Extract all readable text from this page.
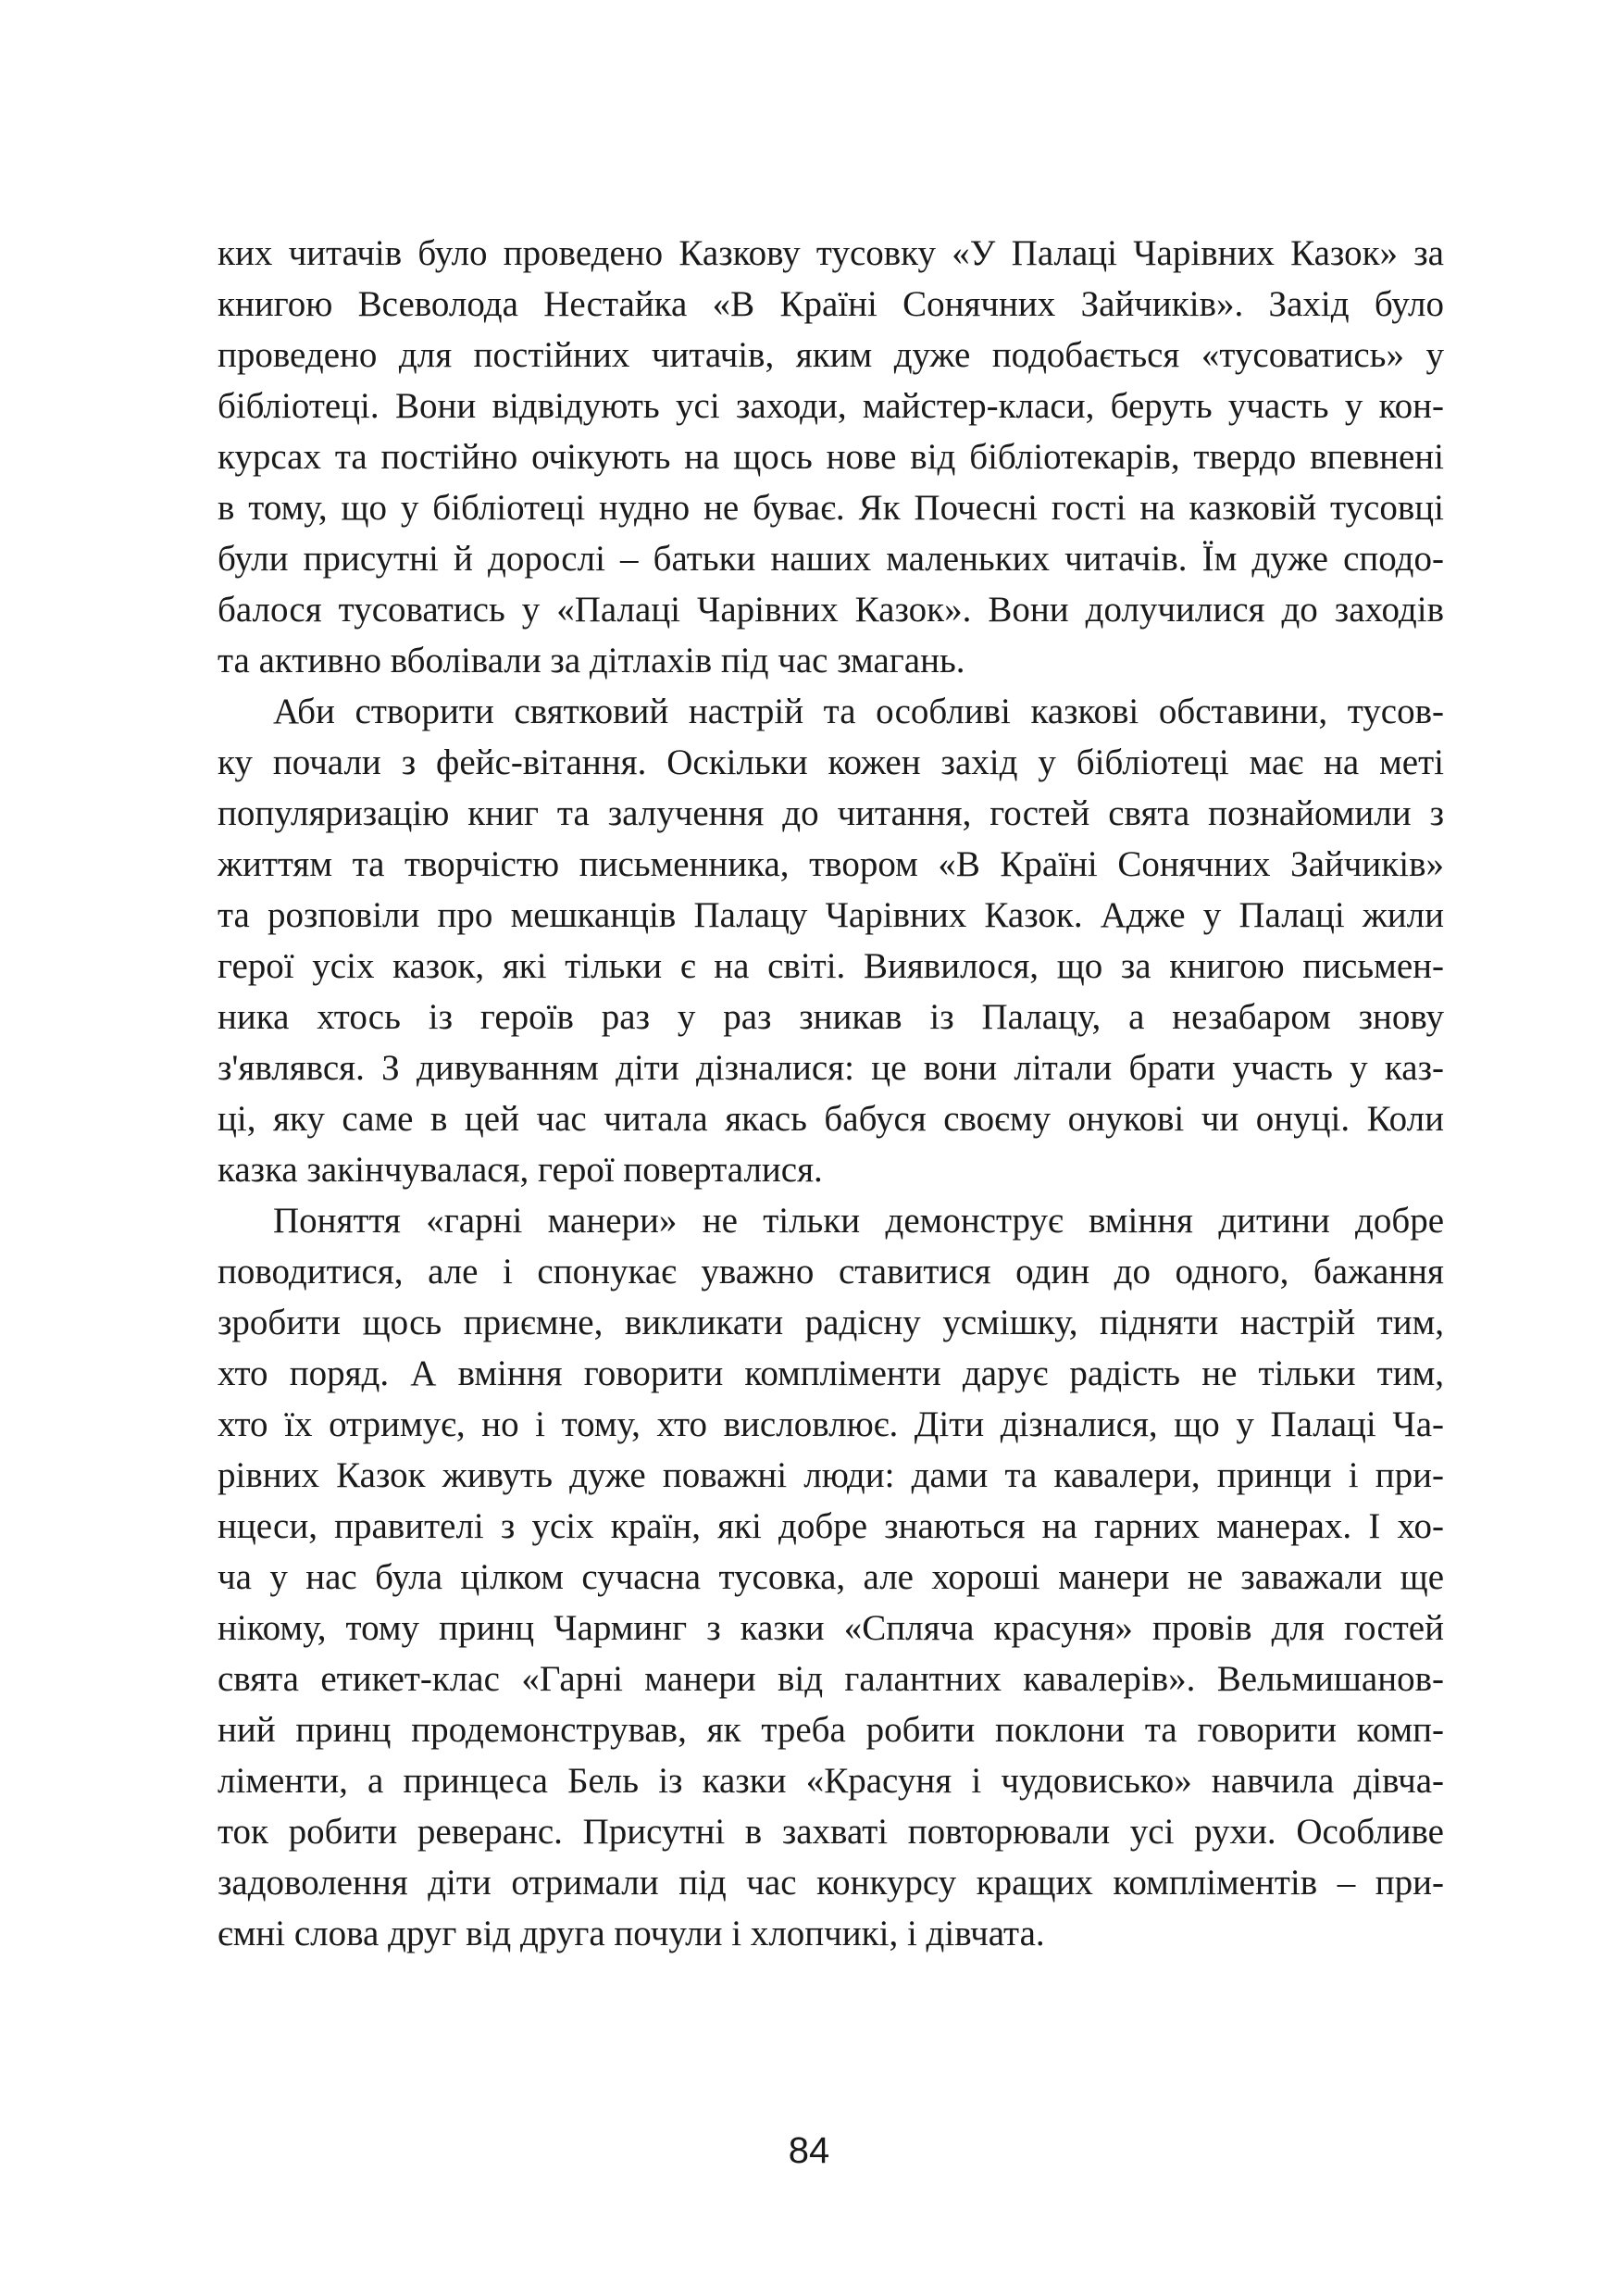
ких читачів було проведено Казкову тусовку «У Палаці Чарівних Казок» за
книгою Всеволода Нестайка «В Країні Сонячних Зайчиків». Захід було
проведено для постійних читачів, яким дуже подобається «тусоватись» у
бібліотеці. Вони відвідують усі заходи, майстер-класи, беруть участь у кон-
курсах та постійно очікують на щось нове від бібліотекарів, твердо впевнені
в тому, що у бібліотеці нудно не буває. Як Почесні гості на казковій тусовці
були присутні й дорослі – батьки наших маленьких читачів. Їм дуже сподо-
балося тусоватись у «Палаці Чарівних Казок». Вони долучилися до заходів
та активно вболівали за дітлахів під час змагань.
Аби створити святковий настрій та особливі казкові обставини, тусов-
ку почали з фейс-вітання. Оскільки кожен захід у бібліотеці має на меті
популяризацію книг та залучення до читання, гостей свята познайомили з
життям та творчістю письменника, твором «В Країні Сонячних Зайчиків»
та розповіли про мешканців Палацу Чарівних Казок. Адже у Палаці жили
герої усіх казок, які тільки є на світі. Виявилося, що за книгою письмен-
ника хтось із героїв раз у раз зникав із Палацу, а незабаром знову
з'являвся. З дивуванням діти дізналися: це вони літали брати участь у каз-
ці, яку саме в цей час читала якась бабуся своєму онукові чи онуці. Коли
казка закінчувалася, герої поверталися.
Поняття «гарні манери» не тільки демонструє вміння дитини добре
поводитися, але і спонукає уважно ставитися один до одного, бажання
зробити щось приємне, викликати радісну усмішку, підняти настрій тим,
хто поряд. А вміння говорити компліменти дарує радість не тільки тим,
хто їх отримує, но і тому, хто висловлює. Діти дізналися, що у Палаці Ча-
рівних Казок живуть дуже поважні люди: дами та кавалери, принци і при-
нцеси, правителі з усіх країн, які добре знаються на гарних манерах. І хо-
ча у нас була цілком сучасна тусовка, але хороші манери не заважали ще
нікому, тому принц Чарминг з казки «Спляча красуня» провів для гостей
свята етикет-клас «Гарні манери від галантних кавалерів». Вельмишанов-
ний принц продемонстрував, як треба робити поклони та говорити комп-
ліменти, а принцеса Бель із казки «Красуня і чудовисько» навчила дівча-
ток робити реверанс. Присутні в захваті повторювали усі рухи. Особливе
задоволення діти отримали під час конкурсу кращих компліментів – при-
ємні слова друг від друга почули і хлопчикі, і дівчата.
84
